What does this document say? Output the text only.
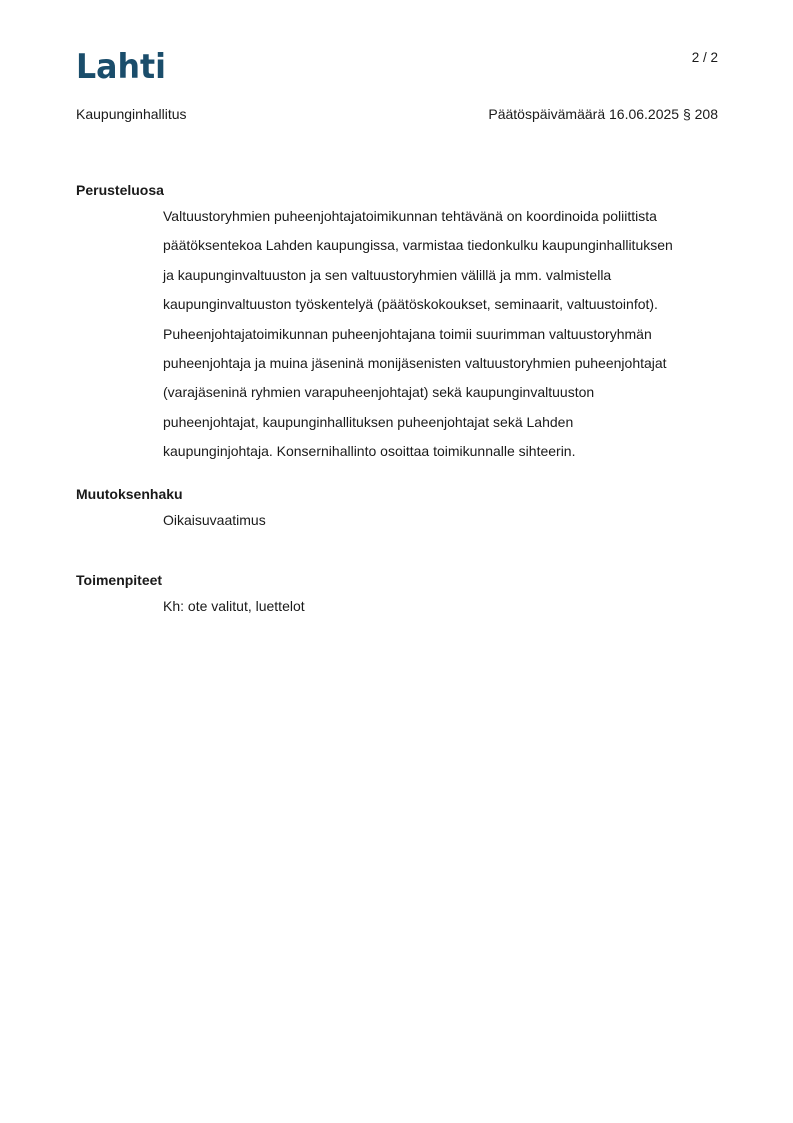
Lahti	2 / 2
Kaupunginhallitus	Päätöspäivämäärä 16.06.2025 § 208
Perusteluosa
Valtuustoryhmien puheenjohtajatoimikunnan tehtävänä on koordinoida poliittista
päätöksentekoa Lahden kaupungissa, varmistaa tiedonkulku kaupunginhallituksen
ja kaupunginvaltuuston ja sen valtuustoryhmien välillä ja mm. valmistella
kaupunginvaltuuston työskentelyä (päätöskokoukset, seminaarit, valtuustoinfot).
Puheenjohtajatoimikunnan puheenjohtajana toimii suurimman valtuustoryhmän
puheenjohtaja ja muina jäseninä monijäsenisten valtuustoryhmien puheenjohtajat
(varajäseninä ryhmien varapuheenjohtajat) sekä kaupunginvaltuuston
puheenjohtajat, kaupunginhallituksen puheenjohtajat sekä Lahden
kaupunginjohtaja. Konsernihallinto osoittaa toimikunnalle sihteerin.
Muutoksenhaku
Oikaisuvaatimus
Toimenpiteet
Kh: ote valitut, luettelot
